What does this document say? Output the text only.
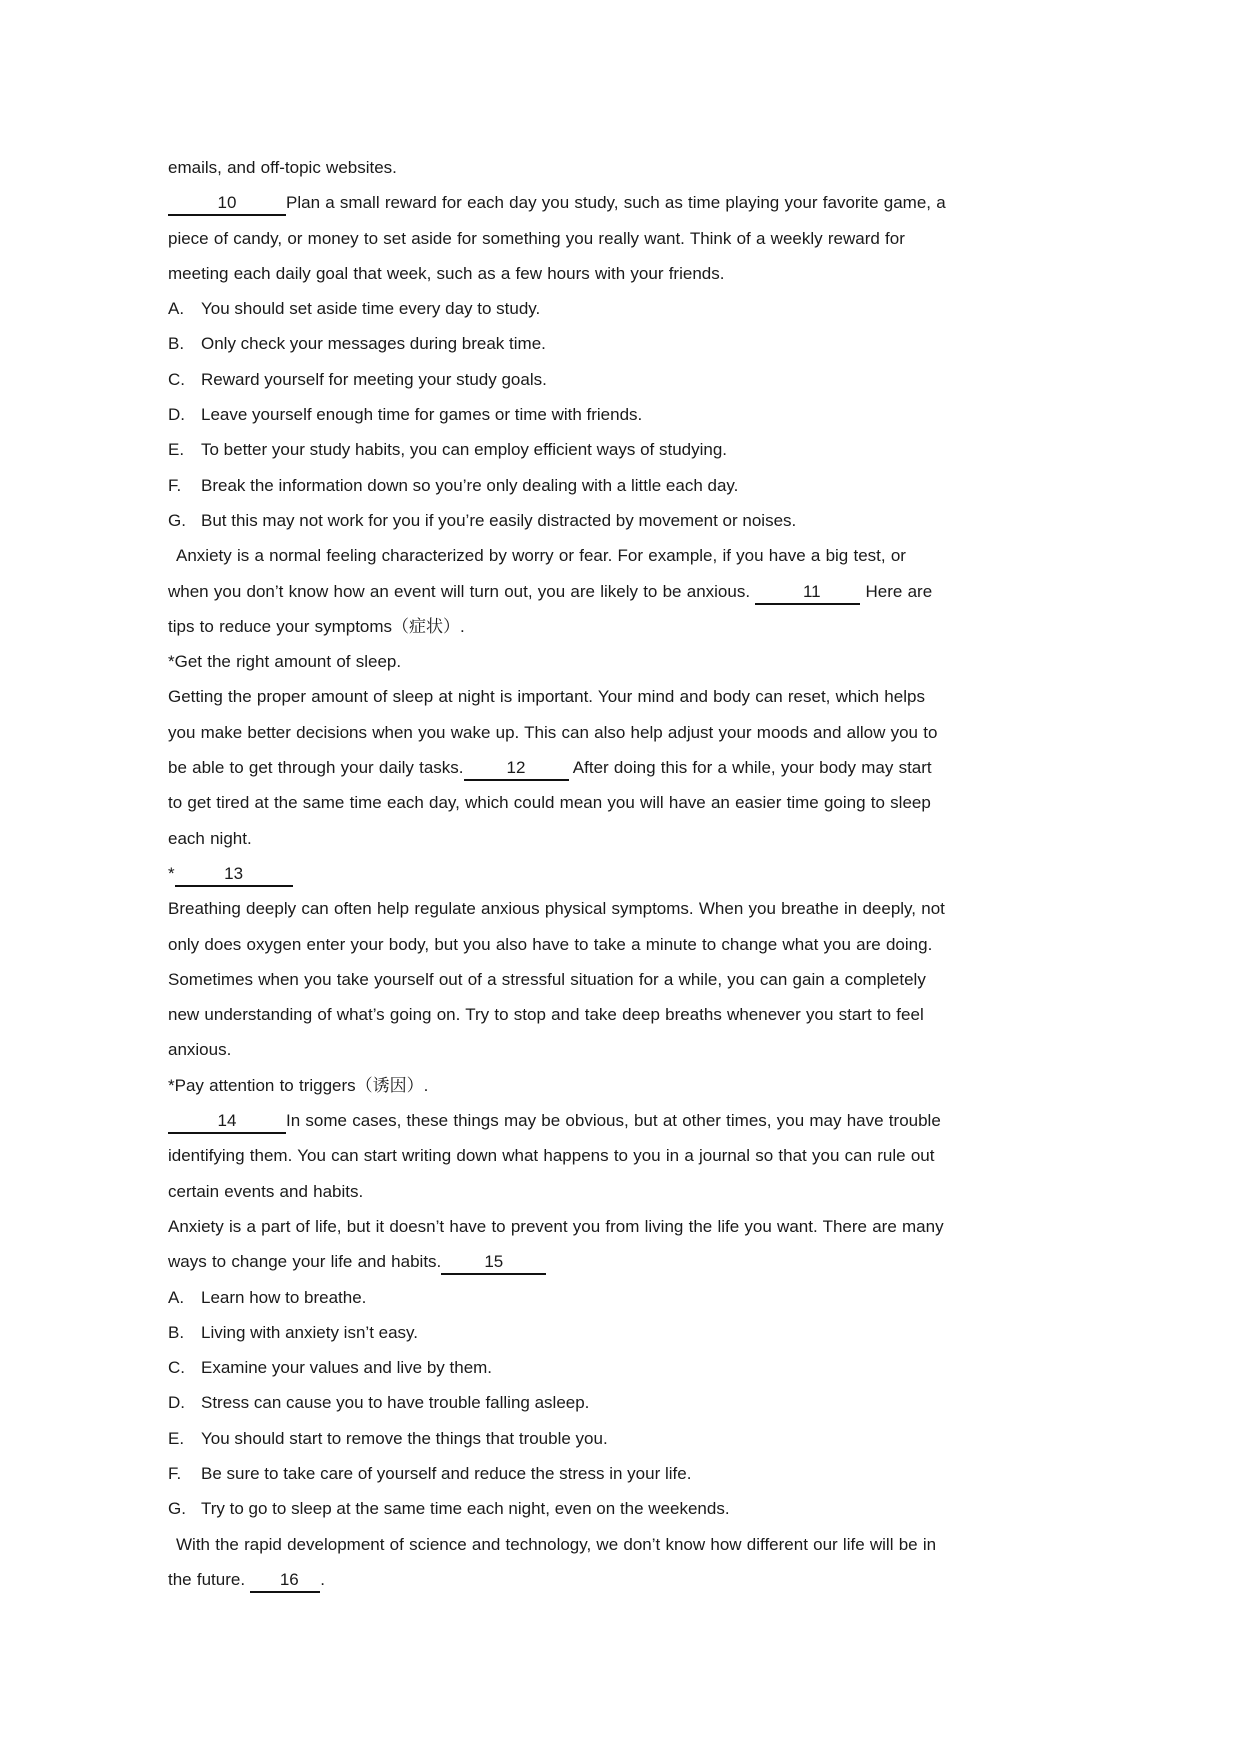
emails, and off-topic websites.

10	Plan a small reward for each day you study, such as time playing your favorite game, a piece of candy, or money to set aside for something you really want. Think of a weekly reward for meeting each daily goal that week, such as a few hours with your friends.

A. You should set aside time every day to study.

B. Only check your messages during break time.

C. Reward yourself for meeting your study goals.

D. Leave yourself enough time for games or time with friends.

E. To better your study habits, you can employ efficient ways of studying.

F.	Break the information down so you’re only dealing with a little each day.

G. But this may not work for you if you’re easily distracted by movement or noises.

Anxiety is a normal feeling characterized by worry or fear. For example, if you have a big test, or when you don’t know how an event will turn out, you are likely to be anxious.	11 Here are tips to reduce your symptoms（症状）.

*Get the right amount of sleep.

Getting the proper amount of sleep at night is important. Your mind and body can reset, which helps you make better decisions when you wake up. This can also help adjust your moods and allow you to be able to get through your daily tasks.	12	After doing this for a while, your body may start to get tired at the same time each day, which could mean you will have an easier time going to sleep each night.

*	13

Breathing deeply can often help regulate anxious physical symptoms. When you breathe in deeply, not only does oxygen enter your body, but you also have to take a minute to change what you are doing. Sometimes when you take yourself out of a stressful situation for a while, you can gain a completely new understanding of what’s going on. Try to stop and take deep breaths whenever you start to feel anxious.

*Pay attention to triggers（诱因）.

14	In some cases, these things may be obvious, but at other times, you may have trouble identifying them. You can start writing down what happens to you in a journal so that you can rule out certain events and habits.

Anxiety is a part of life, but it doesn’t have to prevent you from living the life you want. There are many ways to change your life and habits.	15

A. Learn how to breathe.

B. Living with anxiety isn’t easy.

C. Examine your values and live by them.

D. Stress can cause you to have trouble falling asleep.

E. You should start to remove the things that trouble you.

F.	Be sure to take care of yourself and reduce the stress in your life.

G. Try to go to sleep at the same time each night, even on the weekends.

With the rapid development of science and technology, we don’t know how different our life will be in the future. 16 .
